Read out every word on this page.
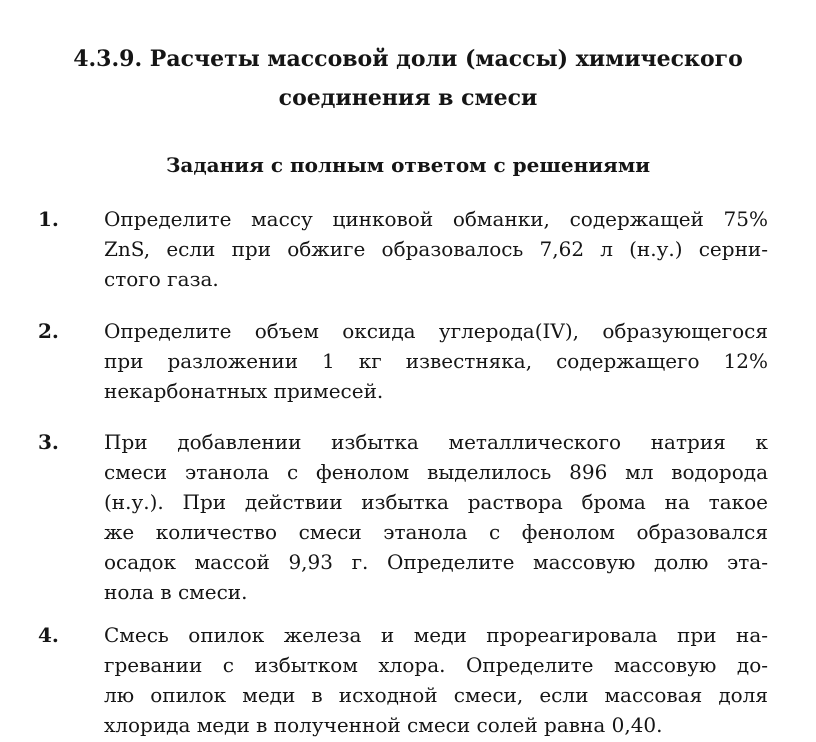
4.3.9. Расчеты массовой доли (массы) химического
соединения в смеси
Задания с полным ответом с решениями
1. Определите массу цинковой обманки, содержащей 75%
ZnS, если при обжиге образовалось 7,62 л (н.у.) серни-
стого газа.
2. Определите объем оксида углерода(IV), образующегося
при разложении 1 кг известняка, содержащего 12%
некарбонатных примесей.
3. При добавлении избытка металлического натрия к
смеси этанола с фенолом выделилось 896 мл водорода
(н.у.). При действии избытка раствора брома на такое
же количество смеси этанола с фенолом образовался
осадок массой 9,93 г. Определите массовую долю эта-
нола в смеси.
4. Смесь опилок железа и меди прореагировала при на-
гревании с избытком хлора. Определите массовую до-
лю опилок меди в исходной смеси, если массовая доля
хлорида меди в полученной смеси солей равна 0,40.
